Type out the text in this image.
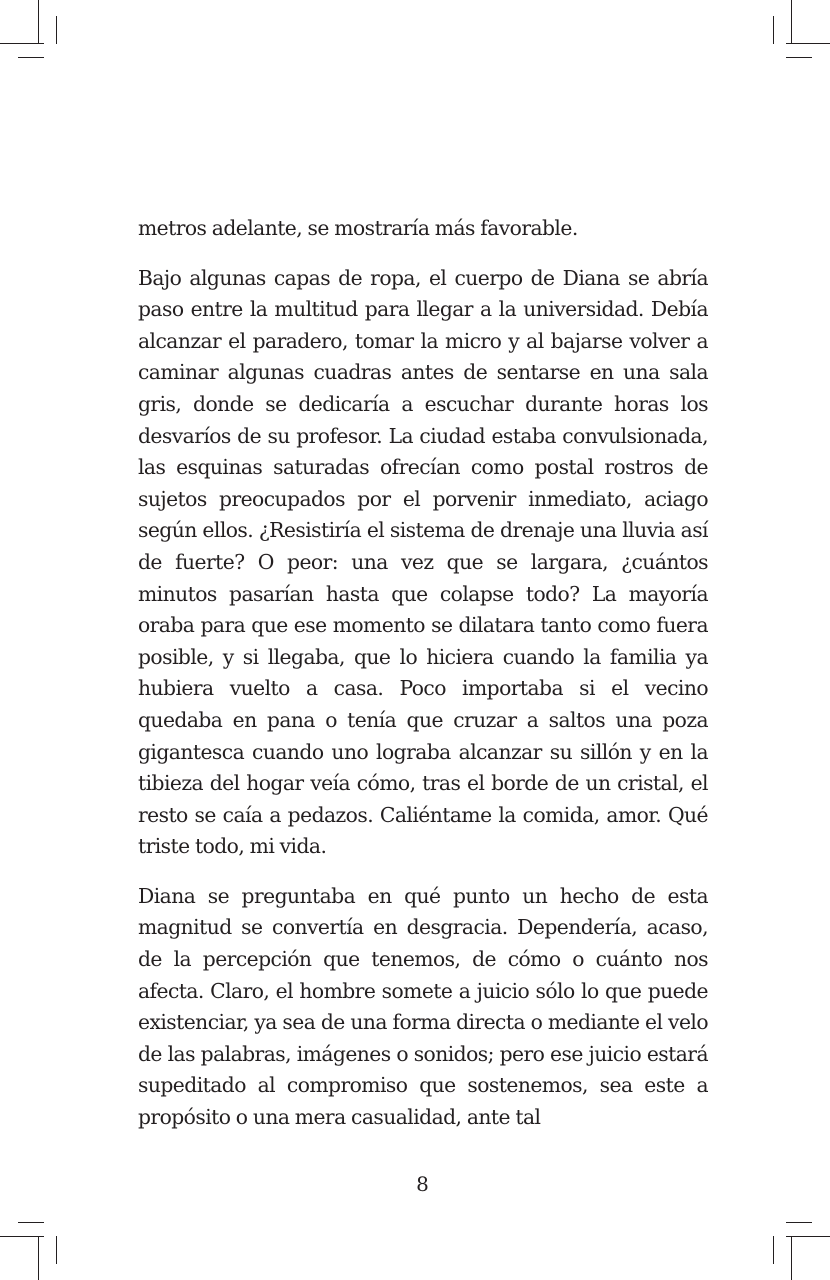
metros adelante, se mostraría más favorable.

Bajo algunas capas de ropa, el cuerpo de Diana se abría paso entre la multitud para llegar a la universidad. Debía alcanzar el paradero, tomar la micro y al bajarse volver a caminar algunas cuadras antes de sentarse en una sala gris, donde se dedicaría a escuchar durante horas los desvaríos de su profesor. La ciudad estaba convulsionada, las esquinas saturadas ofrecían como postal rostros de sujetos preocupados por el porvenir inmediato, aciago según ellos. ¿Resistiría el sistema de drenaje una lluvia así de fuerte? O peor: una vez que se largara, ¿cuántos minutos pasarían hasta que colapse todo? La mayoría oraba para que ese momento se dilatara tanto como fuera posible, y si llegaba, que lo hiciera cuando la familia ya hubiera vuelto a casa. Poco importaba si el vecino quedaba en pana o tenía que cruzar a saltos una poza gigantesca cuando uno lograba alcanzar su sillón y en la tibieza del hogar veía cómo, tras el borde de un cristal, el resto se caía a pedazos. Caliéntame la comida, amor. Qué triste todo, mi vida.

Diana se preguntaba en qué punto un hecho de esta magnitud se convertía en desgracia. Dependería, acaso, de la percepción que tenemos, de cómo o cuánto nos afecta. Claro, el hombre somete a juicio sólo lo que puede existenciar, ya sea de una forma directa o mediante el velo de las palabras, imágenes o sonidos; pero ese juicio estará supeditado al compromiso que sostenemos, sea este a propósito o una mera casualidad, ante tal

8
